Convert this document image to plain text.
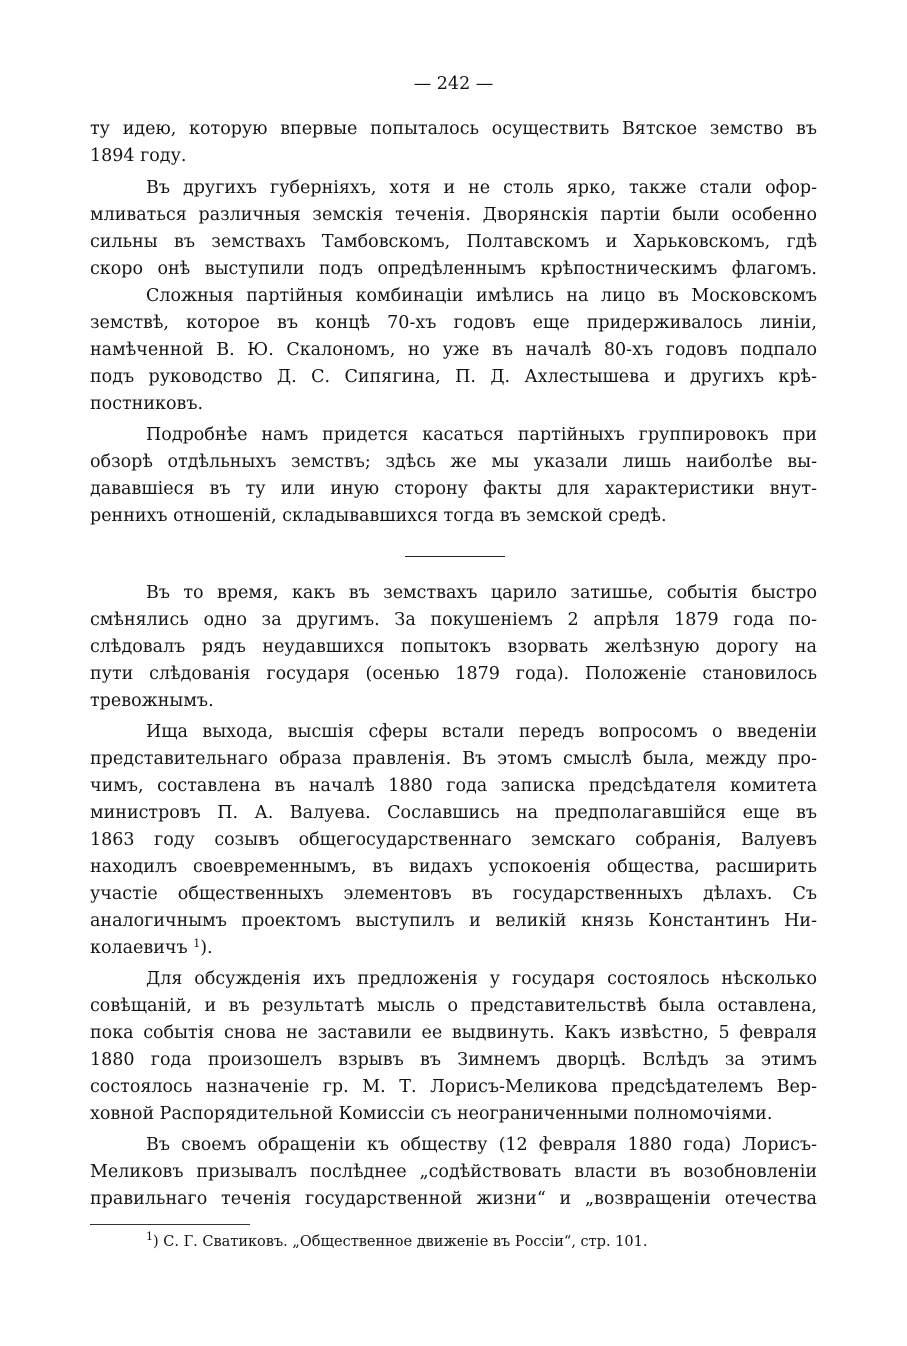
— 242 —
ту идею, которую впервые попыталось осуществить Вятское земство въ
1894 году.
Въ другихъ губерніяхъ, хотя и не столь ярко, также стали офор-
мливаться различныя земскія теченія. Дворянскія партіи были особенно
сильны въ земствахъ Тамбовскомъ, Полтавскомъ и Харьковскомъ, гдѣ
скоро онѣ выступили подъ опредѣленнымъ крѣпостническимъ флагомъ.
Сложныя партійныя комбинаціи имѣлись на лицо въ Московскомъ
земствѣ, которое въ концѣ 70-хъ годовъ еще придерживалось линіи,
намѣченной В. Ю. Скалономъ, но уже въ началѣ 80-хъ годовъ подпало
подъ руководство Д. С. Сипягина, П. Д. Ахлестышева и другихъ крѣ-
постниковъ.
Подробнѣе намъ придется касаться партійныхъ группировокъ при
обзорѣ отдѣльныхъ земствъ; здѣсь же мы указали лишь наиболѣе вы-
дававшіеся въ ту или иную сторону факты для характеристики внут-
реннихъ отношеній, складывавшихся тогда въ земской средѣ.
Въ то время, какъ въ земствахъ царило затишье, событія быстро
смѣнялись одно за другимъ. За покушеніемъ 2 апрѣля 1879 года по-
слѣдовалъ рядъ неудавшихся попытокъ взорвать желѣзную дорогу на
пути слѣдованія государя (осенью 1879 года). Положеніе становилось
тревожнымъ.
Ища выхода, высшія сферы встали передъ вопросомъ о введеніи
представительнаго образа правленія. Въ этомъ смыслѣ была, между про-
чимъ, составлена въ началѣ 1880 года записка предсѣдателя комитета
министровъ П. А. Валуева. Сославшись на предполагавшійся еще въ
1863 году созывъ общегосударственнаго земскаго собранія, Валуевъ
находилъ своевременнымъ, въ видахъ успокоенія общества, расширить
участіе общественныхъ элементовъ въ государственныхъ дѣлахъ. Съ
аналогичнымъ проектомъ выступилъ и великій князь Константинъ Ни-
колаевичъ $^1$).
Для обсужденія ихъ предложенія у государя состоялось нѣсколько
совѣщаній, и въ результатѣ мысль о представительствѣ была оставлена,
пока событія снова не заставили ее выдвинуть. Какъ извѣстно, 5 февраля
1880 года произошелъ взрывъ въ Зимнемъ дворцѣ. Вслѣдъ за этимъ
состоялось назначеніе гр. М. Т. Лорисъ-Меликова предсѣдателемъ Вер-
ховной Распорядительной Комиссіи съ неограниченными полномочіями.
Въ своемъ обращеніи къ обществу (12 февраля 1880 года) Лорисъ-
Меликовъ призывалъ послѣднее „содѣйствовать власти въ возобновленіи
правильнаго теченія государственной жизни“ и „возвращеніи отечества
$^1$) С. Г. Сватиковъ. „Общественное движеніе въ Россіи“, стр. 101.
